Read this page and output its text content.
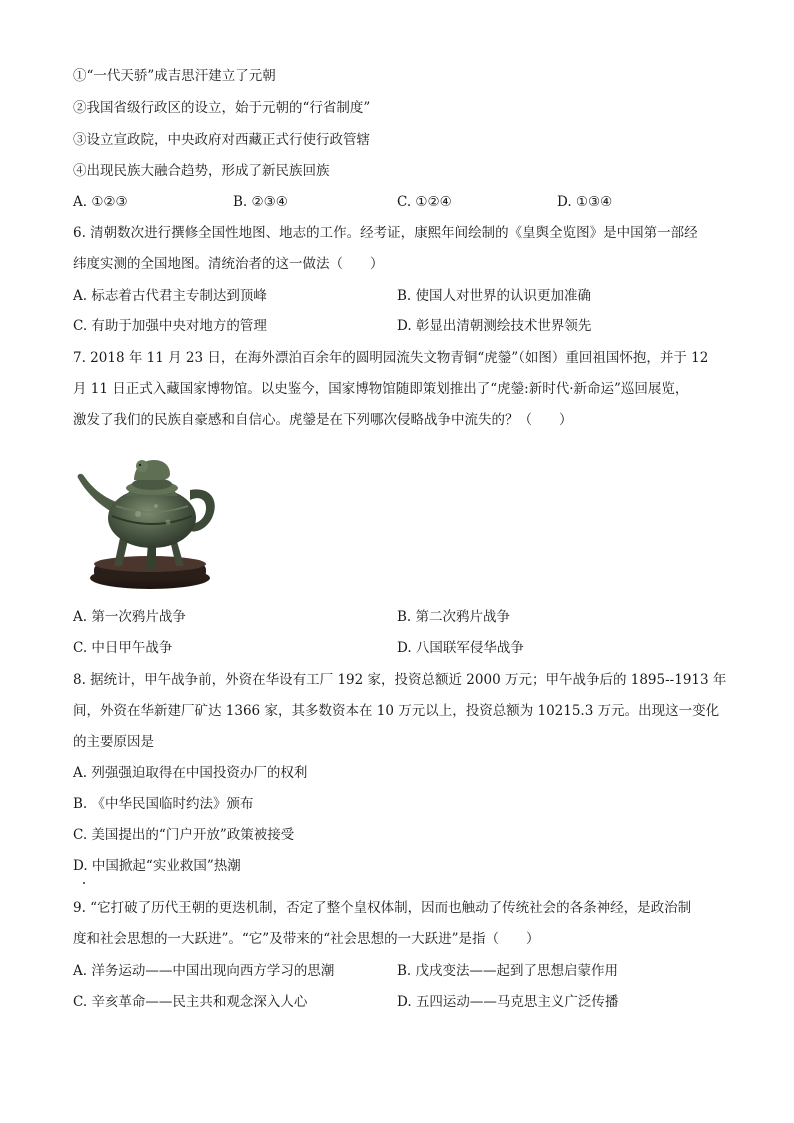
①“一代天骄”成吉思汗建立了元朝
②我国省级行政区的设立，始于元朝的“行省制度”
③设立宣政院，中央政府对西藏正式行使行政管辖
④出现民族大融合趋势，形成了新民族回族
A. ①②③	B. ②③④	C. ①②④	D. ①③④
6. 清朝数次进行撰修全国性地图、地志的工作。经考证，康熙年间绘制的《皇舆全览图》是中国第一部经
纬度实测的全国地图。清统治者的这一做法（　　）
A. 标志着古代君主专制达到顶峰	B. 使国人对世界的认识更加准确
C. 有助于加强中央对地方的管理	D. 彰显出清朝测绘技术世界领先
7. 2018 年 11 月 23 日，在海外漂泊百余年的圆明园流失文物青铜“虎鎣”（如图）重回祖国怀抱，并于 12
月 11 日正式入藏国家博物馆。以史鉴今，国家博物馆随即策划推出了“虎鎣:新时代·新命运”巡回展览，
激发了我们的民族自豪感和自信心。虎鎣是在下列哪次侵略战争中流失的？（　　）
A. 第一次鸦片战争	B. 第二次鸦片战争
C. 中日甲午战争	D. 八国联军侵华战争
8. 据统计，甲午战争前，外资在华设有工厂 192 家，投资总额近 2000 万元；甲午战争后的 1895--1913 年
间，外资在华新建厂矿达 1366 家，其多数资本在 10 万元以上，投资总额为 10215.3 万元。出现这一变化
的主要原因是
A. 列强强迫取得在中国投资办厂的权利
B. 《中华民国临时约法》颁布
C. 美国提出的“门户开放”政策被接受
D. 中国掀起“实业救国”热潮
9. “它打破了历代王朝的更迭机制，否定了整个皇权体制，因而也触动了传统社会的各条神经，是政治制
度和社会思想的一大跃进”。“它”及带来的“社会思想的一大跃进”是指（　　）
A. 洋务运动——中国出现向西方学习的思潮	B. 戊戌变法——起到了思想启蒙作用
C. 辛亥革命——民主共和观念深入人心	D. 五四运动——马克思主义广泛传播
